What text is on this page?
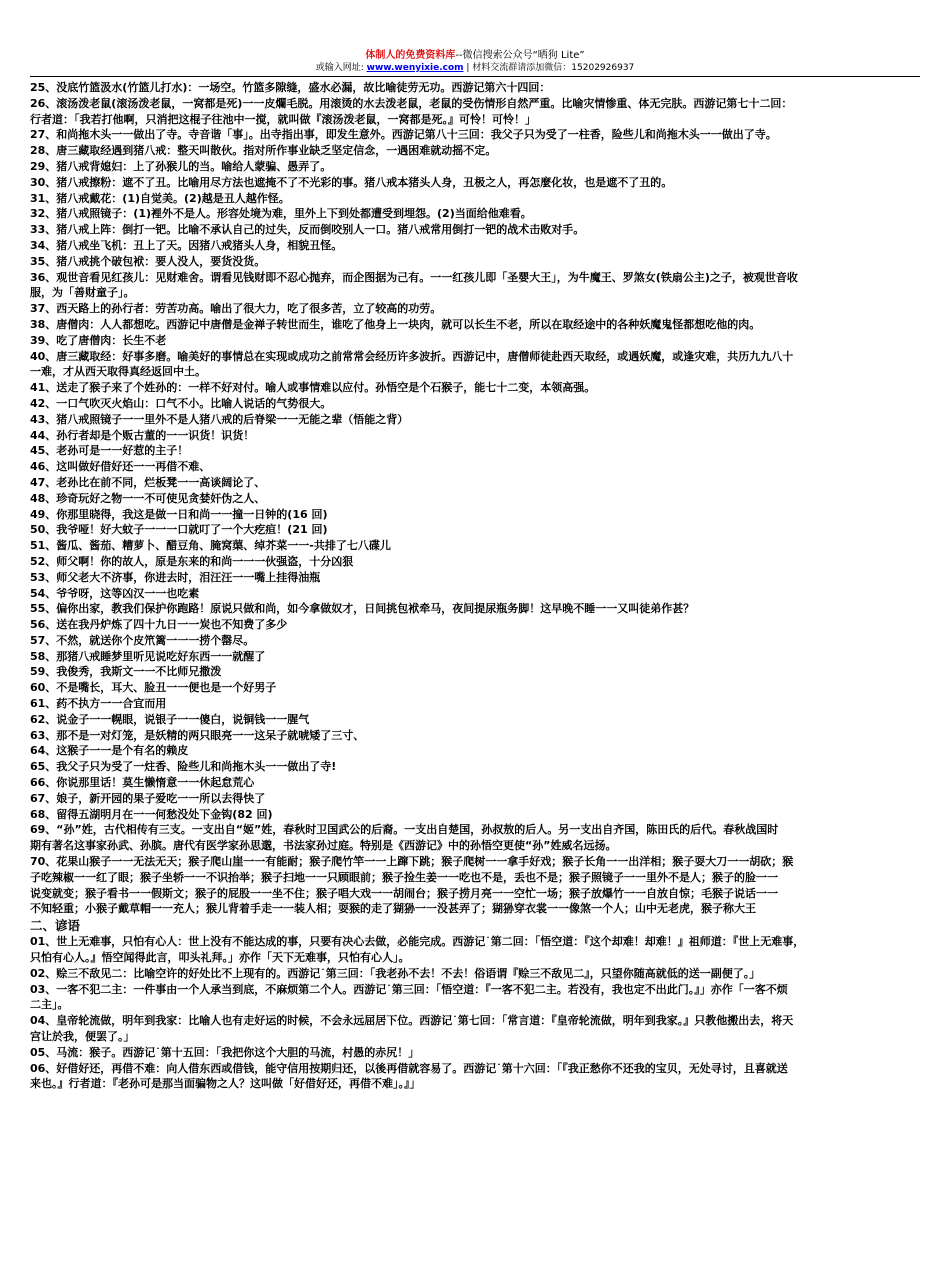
体制人的免费资料库--微信搜索公众号“晒狗 Lite”
或输入网址: www.wenyixie.com | 材料交流群请添加微信：15202926937
25、没底竹篮汲水(竹篮儿打水)：一场空。竹篮多隙缝，盛水必漏，故比喻徒劳无功。西游记第六十四回：
26、滚汤泼老鼠(滚汤泼老鼠，一窝都是死)一一皮爛毛脱。用滚烫的水去泼老鼠，老鼠的受伤情形自然严重。比喻灾情惨重、体无完肤。西游记第七十二回：
行者道：「我若打他啊，只消把这棍子往池中一搅，就叫做『滚汤泼老鼠，一窝都是死。』可怜！可怜！」
27、和尚拖木头一一做出了寺。寺音谐「事」。出寺指出事，即发生意外。西游记第八十三回：我父子只为受了一柱香，险些儿和尚拖木头一一做出了寺。
28、唐三藏取经遇到猪八戒：整天叫散伙。指对所作事业缺乏坚定信念，一遇困难就动摇不定。
29、猪八戒背媳妇：上了孙猴儿的当。喻给人蒙骗、愚弄了。
30、猪八戒擦粉：遮不了丑。比喻用尽方法也遮掩不了不光彩的事。猪八戒本猪头人身，丑极之人，再怎麼化妆，也是遮不了丑的。
31、猪八戒戴花：(1)自觉美。(2)越是丑人越作怪。
32、猪八戒照镜子：(1)裡外不是人。形容处境为难，里外上下到处都遭受到埋怨。(2)当面给他难看。
33、猪八戒上阵：倒打一钯。比喻不承认自己的过失，反而倒咬别人一口。猪八戒常用倒打一钯的战术击败对手。
34、猪八戒坐飞机：丑上了天。因猪八戒猪头人身，相貌丑怪。
35、猪八戒挑个破包袱：要人没人，要货没货。
36、观世音看见红孩儿：见财难舍。谓看见钱财即不忍心抛弃，而企图据为己有。一一红孩儿即「圣婴大王」，为牛魔王、罗煞女(铁扇公主)之子，被观世音收
服，为「善财童子」。
37、西天路上的孙行者：劳苦功高。喻出了很大力，吃了很多苦，立了较高的功劳。
38、唐僧肉：人人都想吃。西游记中唐僧是金禅子转世而生，谁吃了他身上一块肉，就可以长生不老，所以在取经途中的各种妖魔鬼怪都想吃他的肉。
39、吃了唐僧肉：长生不老
40、唐三藏取经：好事多磨。喻美好的事情总在实现或成功之前常常会经历许多波折。西游记中，唐僧师徒赴西天取经，或遇妖魔，或逢灾难，共历九九八十
一难，才从西天取得真经返回中土。
41、送走了猴子来了个姓孙的：一样不好对付。喻人或事情难以应付。孙悟空是个石猴子，能七十二变，本领高强。
42、一口气吹灭火焰山：口气不小。比喻人说话的气势很大。
43、猪八戒照镜子一一里外不是人猪八戒的后脊梁一一无能之辈（悟能之背）
44、孙行者却是个贩古董的一一识货！识货！
45、老孙可是一一好惹的主子！
46、这叫做好借好还一一再借不难、
47、老孙比在前不同，烂板凳一一高谈阔论了、
48、珍奇玩好之物一一不可使见贪婪奸伪之人、
49、你那里晓得，我这是做一日和尚一一撞一日钟的(16 回)
50、我爷哑！好大蚊子一一一口就叮了一个大疙疸！(21 回)
51、酱瓜、酱茄、糟萝卜、醋豆角、腌窝蕖、绰芥菜一一-共排了七八碟儿
52、师父啊！你的故人，原是东来的和尚一一一伙强盗，十分凶狠
53、师父老大不济事，你进去时，泪汪汪一一嘴上挂得油瓶
54、爷爷呀，这等凶汉一一也吃素
55、偏你出家，教我们保护你跑路！原说只做和尚，如今拿做奴才，日间挑包袱牵马，夜间提尿瓶务脚！这早晚不睡一一又叫徒弟作甚？
56、送在我丹炉炼了四十九日一一炭也不知费了多少
57、不然，就送你个皮笊篱一一一捞个罄尽。
58、那猪八戒睡梦里听见说吃好东西一一就醒了
59、我俊秀，我斯文一一不比师兄撒泼
60、不是嘴长，耳大、脸丑一一便也是一个好男子
61、药不执方一一合宜而用
62、说金子一一幌眼，说银子一一傻白，说铜钱一一腥气
63、那不是一对灯笼，是妖精的两只眼亮一一这呆子就唬矮了三寸、
64、这猴子一一是个有名的赖皮
65、我父子只为受了一炷香、险些儿和尚拖木头一一做出了寺!
66、你说那里话！莫生懒惰意一一休起怠荒心
67、娘子，新开园的果子爱吃一一所以去得快了
68、留得五湖明月在一一何愁没处下金钩(82 回)
69、“孙”姓，古代相传有三支。一支出自“姬”姓，春秋时卫国武公的后裔。一支出自楚国，孙叔敖的后人。另一支出自齐国，陈田氏的后代。春秋战国时
期有著名这事家孙武、孙膑。唐代有医学家孙思邈，书法家孙过庭。特别是《西游记》中的孙悟空更使“孙”姓威名远扬。
70、花果山猴子一一无法无天；猴子爬山崖一一有能耐；猴子爬竹竿一一上蹿下跳；猴子爬树一一拿手好戏；猴子长角一一出洋相；猴子耍大刀一一胡砍；猴
子吃辣椒一一红了眼；猴子坐轿一一不识抬举；猴子扫地一一只顾眼前；猴子捡生姜一一吃也不是，丢也不是；猴子照镜子一一里外不是人；猴子的脸一一
说变就变；猴子看书一一假斯文；猴子的屁股一一坐不住；猴子唱大戏一一胡闹台；猴子捞月亮一一空忙一场；猴子放爆竹一一自放自惊；毛猴子说话一一
不知轻重；小猴子戴草帽一一充人；猴儿背着手走一一装人相；耍猴的走了猢狲一一没甚弄了；猢狲穿衣裳一一像煞一个人；山中无老虎，猴子称大王
二、谚语
01、世上无难事，只怕有心人：世上没有不能达成的事，只要有决心去做，必能完成。西游记˙第二回：「悟空道：『这个却难！却难！』祖师道：『世上无难事，
只怕有心人。』悟空闻得此言，叩头礼拜。」亦作「天下无难事，只怕有心人」。
02、赊三不敌见二：比喻空许的好处比不上现有的。西游记˙第三回：「我老孙不去！不去！俗语谓『赊三不敌见二』，只望你随高就低的送一副便了。」
03、一客不犯二主：一件事由一个人承当到底，不麻烦第二个人。西游记˙第三回：「悟空道：『一客不犯二主。若没有，我也定不出此门。』」亦作「一客不烦
二主」。
04、皇帝轮流做，明年到我家：比喻人也有走好运的时候，不会永远屈居下位。西游记˙第七回：「常言道：『皇帝轮流做，明年到我家。』只教他搬出去，将天
宫让於我，便罢了。」
05、马流：猴子。西游记˙第十五回：「我把你这个大胆的马流，村愚的赤尻！」
06、好借好还，再借不难：向人借东西或借钱，能守信用按期归还，以後再借就容易了。西游记˙第十六回：「『我正愁你不还我的宝贝，无处寻讨，且喜就送
来也。』行者道：『老孙可是那当面骗物之人？这叫做「好借好还，再借不难」。』」
